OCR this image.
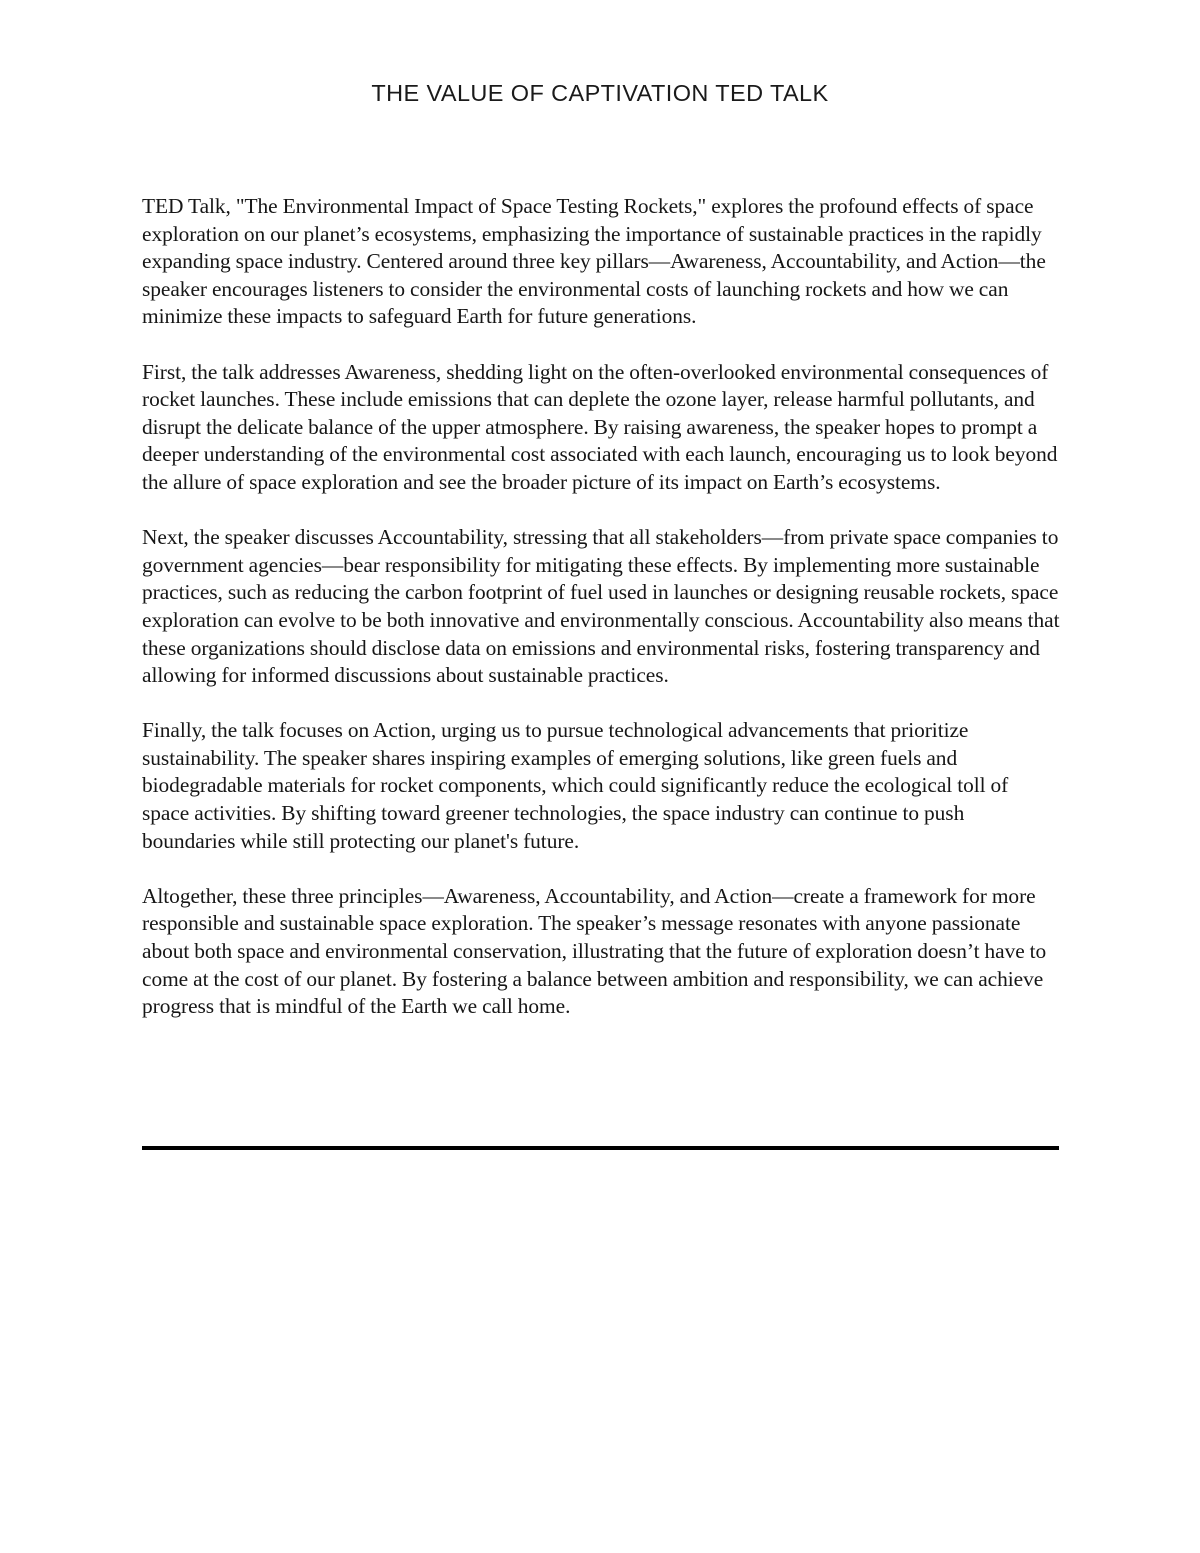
THE VALUE OF CAPTIVATION TED TALK

TED Talk, "The Environmental Impact of Space Testing Rockets," explores the profound effects of space exploration on our planet’s ecosystems, emphasizing the importance of sustainable practices in the rapidly expanding space industry. Centered around three key pillars—Awareness, Accountability, and Action—the speaker encourages listeners to consider the environmental costs of launching rockets and how we can minimize these impacts to safeguard Earth for future generations.

First, the talk addresses Awareness, shedding light on the often-overlooked environmental consequences of rocket launches. These include emissions that can deplete the ozone layer, release harmful pollutants, and disrupt the delicate balance of the upper atmosphere. By raising awareness, the speaker hopes to prompt a deeper understanding of the environmental cost associated with each launch, encouraging us to look beyond the allure of space exploration and see the broader picture of its impact on Earth’s ecosystems.

Next, the speaker discusses Accountability, stressing that all stakeholders—from private space companies to government agencies—bear responsibility for mitigating these effects. By implementing more sustainable practices, such as reducing the carbon footprint of fuel used in launches or designing reusable rockets, space exploration can evolve to be both innovative and environmentally conscious. Accountability also means that these organizations should disclose data on emissions and environmental risks, fostering transparency and allowing for informed discussions about sustainable practices.

Finally, the talk focuses on Action, urging us to pursue technological advancements that prioritize sustainability. The speaker shares inspiring examples of emerging solutions, like green fuels and biodegradable materials for rocket components, which could significantly reduce the ecological toll of space activities. By shifting toward greener technologies, the space industry can continue to push boundaries while still protecting our planet's future.

Altogether, these three principles—Awareness, Accountability, and Action—create a framework for more responsible and sustainable space exploration. The speaker’s message resonates with anyone passionate about both space and environmental conservation, illustrating that the future of exploration doesn’t have to come at the cost of our planet. By fostering a balance between ambition and responsibility, we can achieve progress that is mindful of the Earth we call home.
